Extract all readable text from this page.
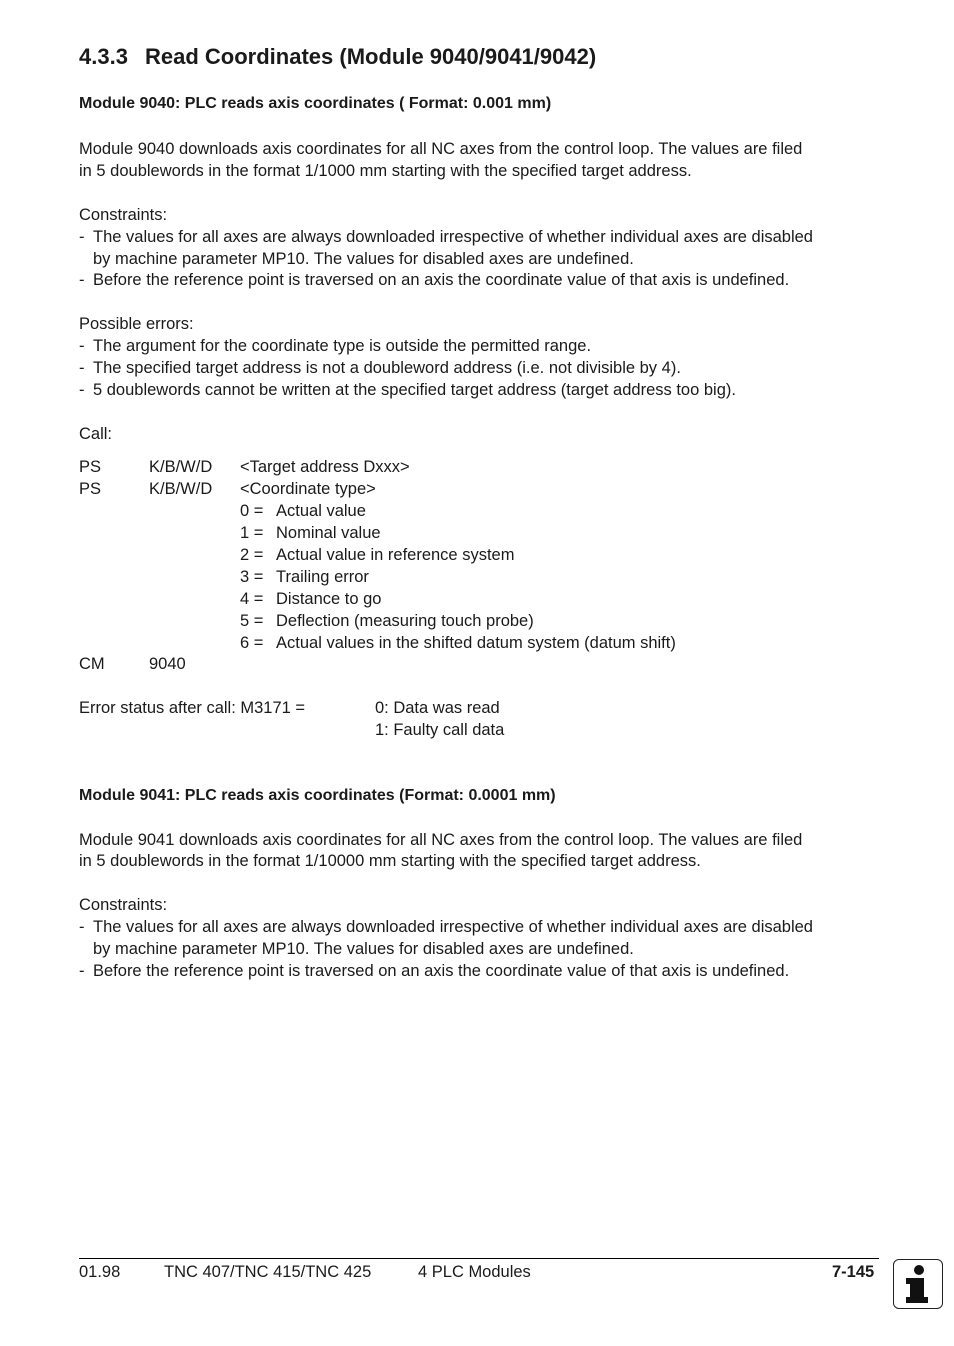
4.3.3 Read Coordinates (Module 9040/9041/9042)
Module 9040: PLC reads axis coordinates ( Format: 0.001 mm)
Module 9040 downloads axis coordinates for all NC axes from the control loop. The values are filed
in 5 doublewords in the format 1/1000 mm starting with the specified target address.
Constraints:
- The values for all axes are always downloaded irrespective of whether individual axes are disabled
by machine parameter MP10. The values for disabled axes are undefined.
- Before the reference point is traversed on an axis the coordinate value of that axis is undefined.
Possible errors:
- The argument for the coordinate type is outside the permitted range.
- The specified target address is not a doubleword address (i.e. not divisible by 4).
- 5 doublewords cannot be written at the specified target address (target address too big).
Call:
PS	K/B/W/D <Target address Dxxx>
PS	K/B/W/D <Coordinate type>
0 = Actual value
1 = Nominal value
2 = Actual value in reference system
3 = Trailing error
4 = Distance to go
5 = Deflection (measuring touch probe)
6 = Actual values in the shifted datum system (datum shift)
CM	9040
Error status after call: M3171 =	0: Data was read
1: Faulty call data
Module 9041: PLC reads axis coordinates (Format: 0.0001 mm)
Module 9041 downloads axis coordinates for all NC axes from the control loop. The values are filed
in 5 doublewords in the format 1/10000 mm starting with the specified target address.
Constraints:
- The values for all axes are always downloaded irrespective of whether individual axes are disabled
by machine parameter MP10. The values for disabled axes are undefined.
- Before the reference point is traversed on an axis the coordinate value of that axis is undefined.
01.98	TNC 407/TNC 415/TNC 425	4 PLC Modules	7-145
